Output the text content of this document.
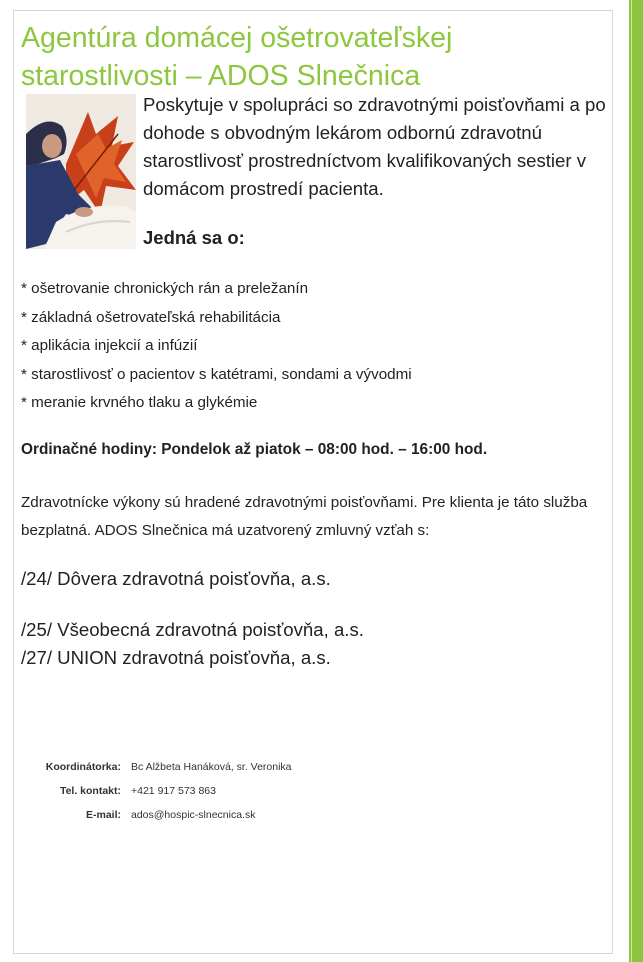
Agentúra domácej ošetrovateľskej starostlivosti – ADOS Slnečnica

Poskytuje v spolupráci so zdravotnými poisťovňami a po dohode s obvodným lekárom odbornú zdravotnú starostlivosť prostredníctvom kvalifikovaných sestier v domácom prostredí pacienta.

Jedná sa o:
* ošetrovanie chronických rán a preležanín
* základná ošetrovateľská rehabilitácia
* aplikácia injekcií a infúzií
* starostlivosť o pacientov s katétrami, sondami a vývodmi
* meranie krvného tlaku a glykémie
Ordinačné hodiny: Pondelok až piatok – 08:00 hod. – 16:00 hod.

Zdravotnícke výkony sú hradené zdravotnými poisťovňami. Pre klienta je táto služba bezplatná. ADOS Slnečnica má uzatvorený zmluvný vzťah s:

/24/ Dôvera zdravotná poisťovňa, a.s.
/25/ Všeobecná zdravotná poisťovňa, a.s.
/27/ UNION zdravotná poisťovňa, a.s.
Koordinátorka:	Bc Alžbeta Hanáková, sr. Veronika
Tel. kontakt:	+421 917 573 863
E-mail:	ados@hospic-slnecnica.sk
